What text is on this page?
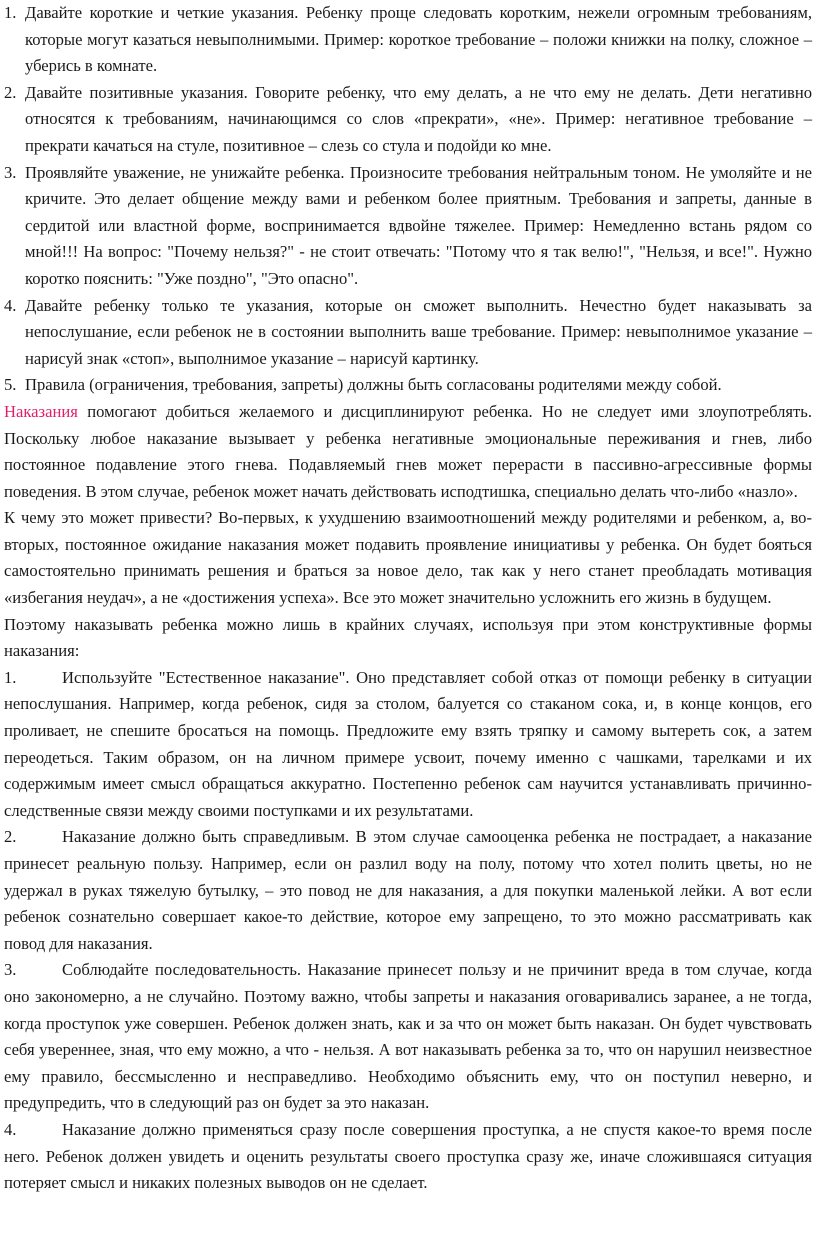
1. Давайте короткие и четкие указания. Ребенку проще следовать коротким, нежели огромным требованиям, которые могут казаться невыполнимыми. Пример: короткое требование – положи книжки на полку, сложное – уберись в комнате.
2. Давайте позитивные указания. Говорите ребенку, что ему делать, а не что ему не делать. Дети негативно относятся к требованиям, начинающимся со слов «прекрати», «не». Пример: негативное требование – прекрати качаться на стуле, позитивное – слезь со стула и подойди ко мне.
3. Проявляйте уважение, не унижайте ребенка. Произносите требования нейтральным тоном. Не умоляйте и не кричите. Это делает общение между вами и ребенком более приятным. Требования и запреты, данные в сердитой или властной форме, воспринимается вдвойне тяжелее. Пример: Немедленно встань рядом со мной!!! На вопрос: "Почему нельзя?" - не стоит отвечать: "Потому что я так велю!", "Нельзя, и все!". Нужно коротко пояснить: "Уже поздно", "Это опасно".
4. Давайте ребенку только те указания, которые он сможет выполнить. Нечестно будет наказывать за непослушание, если ребенок не в состоянии выполнить ваше требование. Пример: невыполнимое указание – нарисуй знак «стоп», выполнимое указание – нарисуй картинку.
5. Правила (ограничения, требования, запреты) должны быть согласованы родителями между собой.

Наказания помогают добиться желаемого и дисциплинируют ребенка. Но не следует ими злоупотреблять. Поскольку любое наказание вызывает у ребенка негативные эмоциональные переживания и гнев, либо постоянное подавление этого гнева. Подавляемый гнев может перерасти в пассивно-агрессивные формы поведения. В этом случае, ребенок может начать действовать исподтишка, специально делать что-либо «назло».

К чему это может привести? Во-первых, к ухудшению взаимоотношений между родителями и ребенком, а, во-вторых, постоянное ожидание наказания может подавить проявление инициативы у ребенка. Он будет бояться самостоятельно принимать решения и браться за новое дело, так как у него станет преобладать мотивация «избегания неудач», а не «достижения успеха». Все это может значительно усложнить его жизнь в будущем.

Поэтому наказывать ребенка можно лишь в крайних случаях, используя при этом конструктивные формы наказания:

1.	Используйте "Естественное наказание". Оно представляет собой отказ от помощи ребенку в ситуации непослушания. Например, когда ребенок, сидя за столом, балуется со стаканом сока, и, в конце концов, его проливает, не спешите бросаться на помощь. Предложите ему взять тряпку и самому вытереть сок, а затем переодеться. Таким образом, он на личном примере усвоит, почему именно с чашками, тарелками и их содержимым имеет смысл обращаться аккуратно. Постепенно ребенок сам научится устанавливать причинно-следственные связи между своими поступками и их результатами.

2.	Наказание должно быть справедливым. В этом случае самооценка ребенка не пострадает, а наказание принесет реальную пользу. Например, если он разлил воду на полу, потому что хотел полить цветы, но не удержал в руках тяжелую бутылку, – это повод не для наказания, а для покупки маленькой лейки. А вот если ребенок сознательно совершает какое-то действие, которое ему запрещено, то это можно рассматривать как повод для наказания.

3.	Соблюдайте последовательность. Наказание принесет пользу и не причинит вреда в том случае, когда оно закономерно, а не случайно. Поэтому важно, чтобы запреты и наказания оговаривались заранее, а не тогда, когда проступок уже совершен. Ребенок должен знать, как и за что он может быть наказан. Он будет чувствовать себя увереннее, зная, что ему можно, а что - нельзя. А вот наказывать ребенка за то, что он нарушил неизвестное ему правило, бессмысленно и несправедливо. Необходимо объяснить ему, что он поступил неверно, и предупредить, что в следующий раз он будет за это наказан.

4.	Наказание должно применяться сразу после совершения проступка, а не спустя какое-то время после него. Ребенок должен увидеть и оценить результаты своего проступка сразу же, иначе сложившаяся ситуация потеряет смысл и никаких полезных выводов он не сделает.
